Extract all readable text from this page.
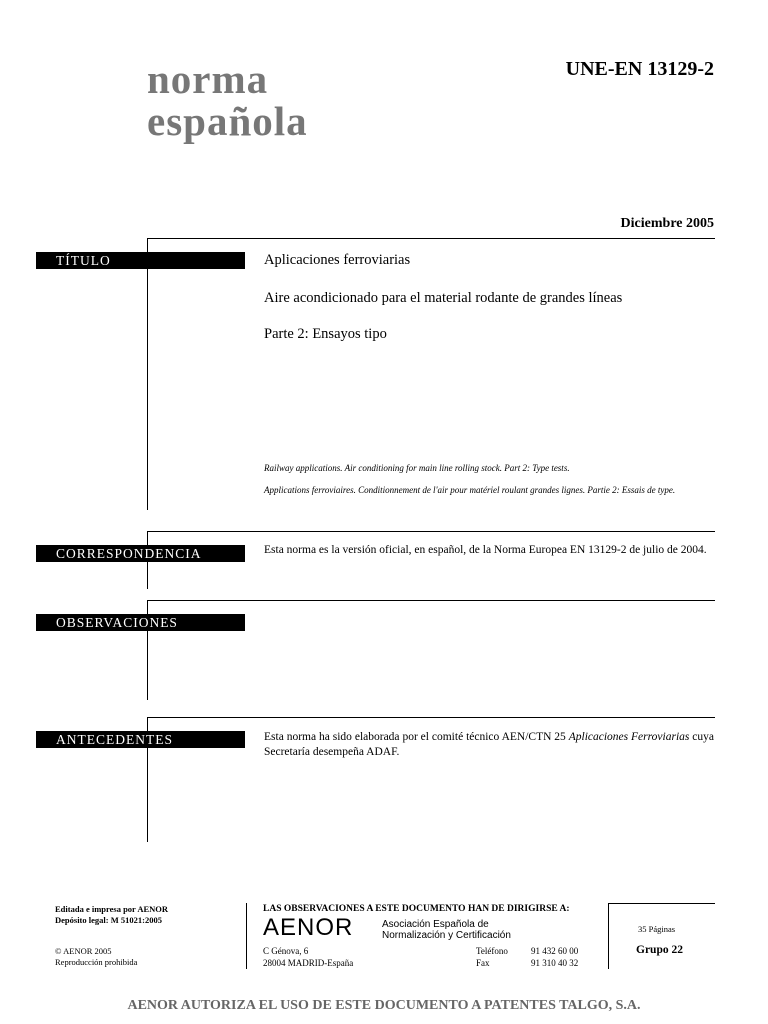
norma
española
UNE-EN 13129-2
Diciembre 2005
TÍTULO	Aplicaciones ferroviarias
Aire acondicionado para el material rodante de grandes líneas
Parte 2: Ensayos tipo
Railway applications. Air conditioning for main line rolling stock. Part 2: Type tests.
Applications ferroviaires. Conditionnement de l'air pour matériel roulant grandes lignes. Partie 2: Essais de type.
CORRESPONDENCIA	Esta norma es la versión oficial, en español, de la Norma Europea EN 13129-2 de julio de 2004.
OBSERVACIONES
ANTECEDENTES	Esta norma ha sido elaborada por el comité técnico AEN/CTN 25 Aplicaciones Ferroviarias cuya Secretaría desempeña ADAF.
Editada e impresa por AENOR
Depósito legal: M 51021:2005
© AENOR 2005
Reproducción prohibida
LAS OBSERVACIONES A ESTE DOCUMENTO HAN DE DIRIGIRSE A:
AENOR	Asociación Española de
Normalización y Certificación
C Génova, 6
28004 MADRID-España
Teléfono	91 432 60 00
Fax	91 310 40 32
35 Páginas
Grupo 22
AENOR AUTORIZA EL USO DE ESTE DOCUMENTO A PATENTES TALGO, S.A.
